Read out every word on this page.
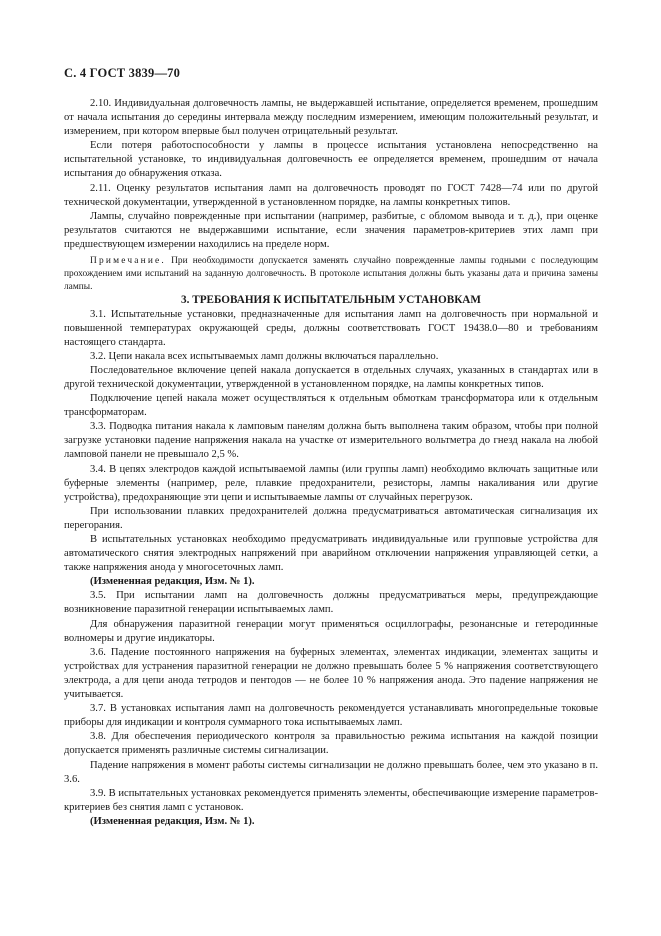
С. 4 ГОСТ 3839—70

2.10. Индивидуальная долговечность лампы, не выдержавшей испытание, определяется временем, прошедшим от начала испытания до середины интервала между последним измерением, имеющим положительный результат, и измерением, при котором впервые был получен отрицательный результат.

Если потеря работоспособности у лампы в процессе испытания установлена непосредственно на испытательной установке, то индивидуальная долговечность ее определяется временем, прошедшим от начала испытания до обнаружения отказа.

2.11. Оценку результатов испытания ламп на долговечность проводят по ГОСТ 7428—74 или по другой технической документации, утвержденной в установленном порядке, на лампы конкретных типов.

Лампы, случайно поврежденные при испытании (например, разбитые, с обломом вывода и т. д.), при оценке результатов считаются не выдержавшими испытание, если значения параметров-критериев этих ламп при предшествующем измерении находились на пределе норм.

Примечание. При необходимости допускается заменять случайно поврежденные лампы годными с последующим прохождением ими испытаний на заданную долговечность. В протоколе испытания должны быть указаны дата и причина замены лампы.

3. ТРЕБОВАНИЯ К ИСПЫТАТЕЛЬНЫМ УСТАНОВКАМ

3.1. Испытательные установки, предназначенные для испытания ламп на долговечность при нормальной и повышенной температурах окружающей среды, должны соответствовать ГОСТ 19438.0—80 и требованиям настоящего стандарта.

3.2. Цепи накала всех испытываемых ламп должны включаться параллельно.

Последовательное включение цепей накала допускается в отдельных случаях, указанных в стандартах или в другой технической документации, утвержденной в установленном порядке, на лампы конкретных типов.

Подключение цепей накала может осуществляться к отдельным обмоткам трансформатора или к отдельным трансформаторам.

3.3. Подводка питания накала к ламповым панелям должна быть выполнена таким образом, чтобы при полной загрузке установки падение напряжения накала на участке от измерительного вольтметра до гнезд накала на любой ламповой панели не превышало 2,5 %.

3.4. В цепях электродов каждой испытываемой лампы (или группы ламп) необходимо включать защитные или буферные элементы (например, реле, плавкие предохранители, резисторы, лампы накаливания или другие устройства), предохраняющие эти цепи и испытываемые лампы от случайных перегрузок.

При использовании плавких предохранителей должна предусматриваться автоматическая сигнализация их перегорания.

В испытательных установках необходимо предусматривать индивидуальные или групповые устройства для автоматического снятия электродных напряжений при аварийном отключении напряжения управляющей сетки, а также напряжения анода у многосеточных ламп.

(Измененная редакция, Изм. № 1).

3.5. При испытании ламп на долговечность должны предусматриваться меры, предупреждающие возникновение паразитной генерации испытываемых ламп.

Для обнаружения паразитной генерации могут применяться осциллографы, резонансные и гетеродинные волномеры и другие индикаторы.

3.6. Падение постоянного напряжения на буферных элементах, элементах индикации, элементах защиты и устройствах для устранения паразитной генерации не должно превышать более 5 % напряжения соответствующего электрода, а для цепи анода тетродов и пентодов — не более 10 % напряжения анода. Это падение напряжения не учитывается.

3.7. В установках испытания ламп на долговечность рекомендуется устанавливать многопредельные токовые приборы для индикации и контроля суммарного тока испытываемых ламп.

3.8. Для обеспечения периодического контроля за правильностью режима испытания на каждой позиции допускается применять различные системы сигнализации.

Падение напряжения в момент работы системы сигнализации не должно превышать более, чем это указано в п. 3.6.

3.9. В испытательных установках рекомендуется применять элементы, обеспечивающие измерение параметров-критериев без снятия ламп с установок.

(Измененная редакция, Изм. № 1).
